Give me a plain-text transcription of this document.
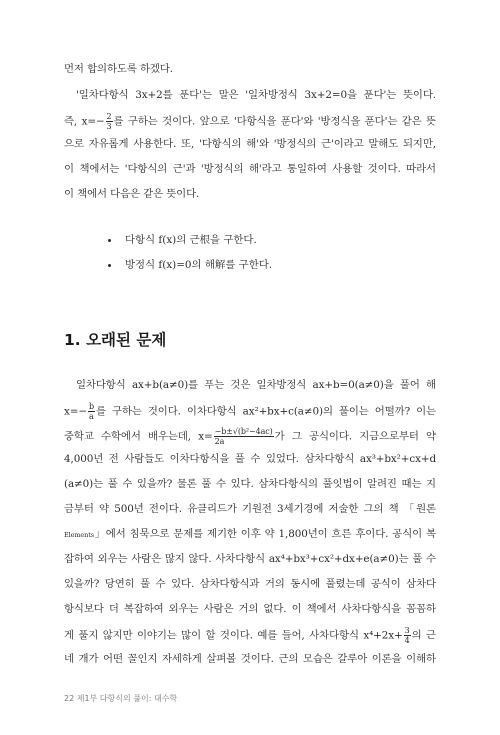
먼저 합의하도록 하겠다.
'일차다항식 3x+2를 푼다'는 말은 '일차방정식 3x+2=0을 푼다'는 뜻이다.
즉, $x=- \frac{2}{3}$ 를 구하는 것이다. 앞으로 '다항식을 푼다'와 '방정식을 푼다'는 같은 뜻
으로 자유롭게 사용한다. 또, '다항식의 해'와 '방정식의 근'이라고 말해도 되지만,
이 책에서는 '다항식의 근'과 '방정식의 해'라고 통일하여 사용할 것이다. 따라서
이 책에서 다음은 같은 뜻이다.
다항식 f(x)의 근根을 구한다.
방정식 f(x)=0의 해解를 구한다.
1. 오래된 문제
일차다항식 ax+b(a≠0)를 푸는 것은 일차방정식 ax+b=0(a≠0)을 풀어 해
$x=- \frac{b}{a}$ 를 구하는 것이다. 이차다항식 ax²+bx+c(a≠0)의 풀이는 어떨까? 이는
중학교 수학에서 배우는데, $x= \frac{\text{−b±√(b²−4ac)}}{2a}$ 가 그 공식이다. 지금으로부터 약
4,000년 전 사람들도 이차다항식을 풀 수 있었다. 삼차다항식 ax³+bx²+cx+d
(a≠0)는 풀 수 있을까? 물론 풀 수 있다. 삼차다항식의 풀잇법이 알려진 때는 지
금부터 약 500년 전이다. 유클리드가 기원전 3세기경에 저술한 그의 책 「원론
Elements」에서 침묵으로 문제를 제기한 이후 약 1,800년이 흐른 후이다. 공식이 복
잡하여 외우는 사람은 많지 않다. 사차다항식 ax⁴+bx³+cx²+dx+e(a≠0)는 풀 수
있을까? 당연히 풀 수 있다. 삼차다항식과 거의 동시에 풀렸는데 공식이 삼차다
항식보다 더 복잡하여 외우는 사람은 거의 없다. 이 책에서 사차다항식을 꼼꼼하
게 풀지 않지만 이야기는 많이 할 것이다. 예를 들어, 사차다항식 $x^4+2x+ \frac{3}{4}$ 의 근
네 개가 어떤 꼴인지 자세하게 살펴볼 것이다. 근의 모습은 갈루아 이론을 이해하
22 제1부 다항식의 풀이: 대수학
